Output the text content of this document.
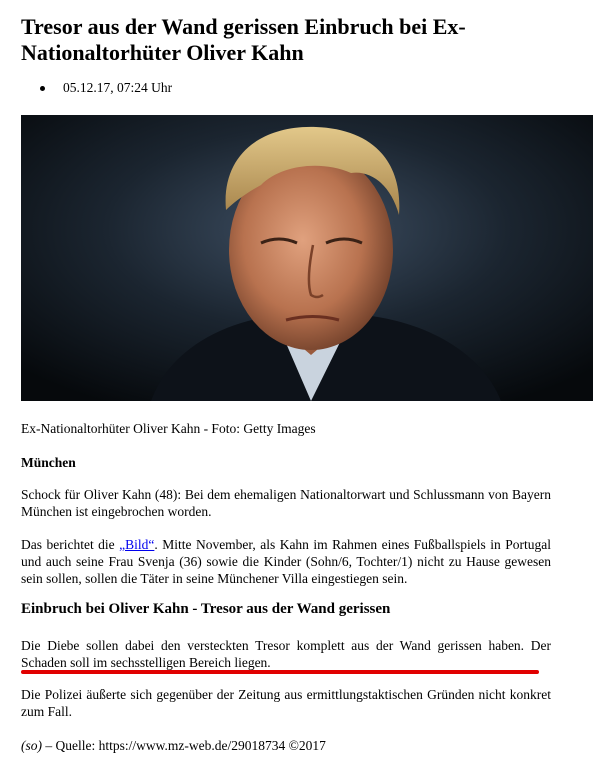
Tresor aus der Wand gerissen Einbruch bei Ex-Nationaltorhüter Oliver Kahn
05.12.17, 07:24 Uhr
Ex-Nationaltorhüter Oliver Kahn - Foto: Getty Images
München

Schock für Oliver Kahn (48): Bei dem ehemaligen Nationaltorwart und Schlussmann von Bayern München ist eingebrochen worden.

Das berichtet die „Bild“. Mitte November, als Kahn im Rahmen eines Fußballspiels in Portugal und auch seine Frau Svenja (36) sowie die Kinder (Sohn/6, Tochter/1) nicht zu Hause gewesen sein sollen, sollen die Täter in seine Münchener Villa eingestiegen sein.

Einbruch bei Oliver Kahn - Tresor aus der Wand gerissen

Die Diebe sollen dabei den versteckten Tresor komplett aus der Wand gerissen haben. Der Schaden soll im sechsstelligen Bereich liegen.

Die Polizei äußerte sich gegenüber der Zeitung aus ermittlungstaktischen Gründen nicht konkret zum Fall.

(so) – Quelle: https://www.mz-web.de/29018734 ©2017
